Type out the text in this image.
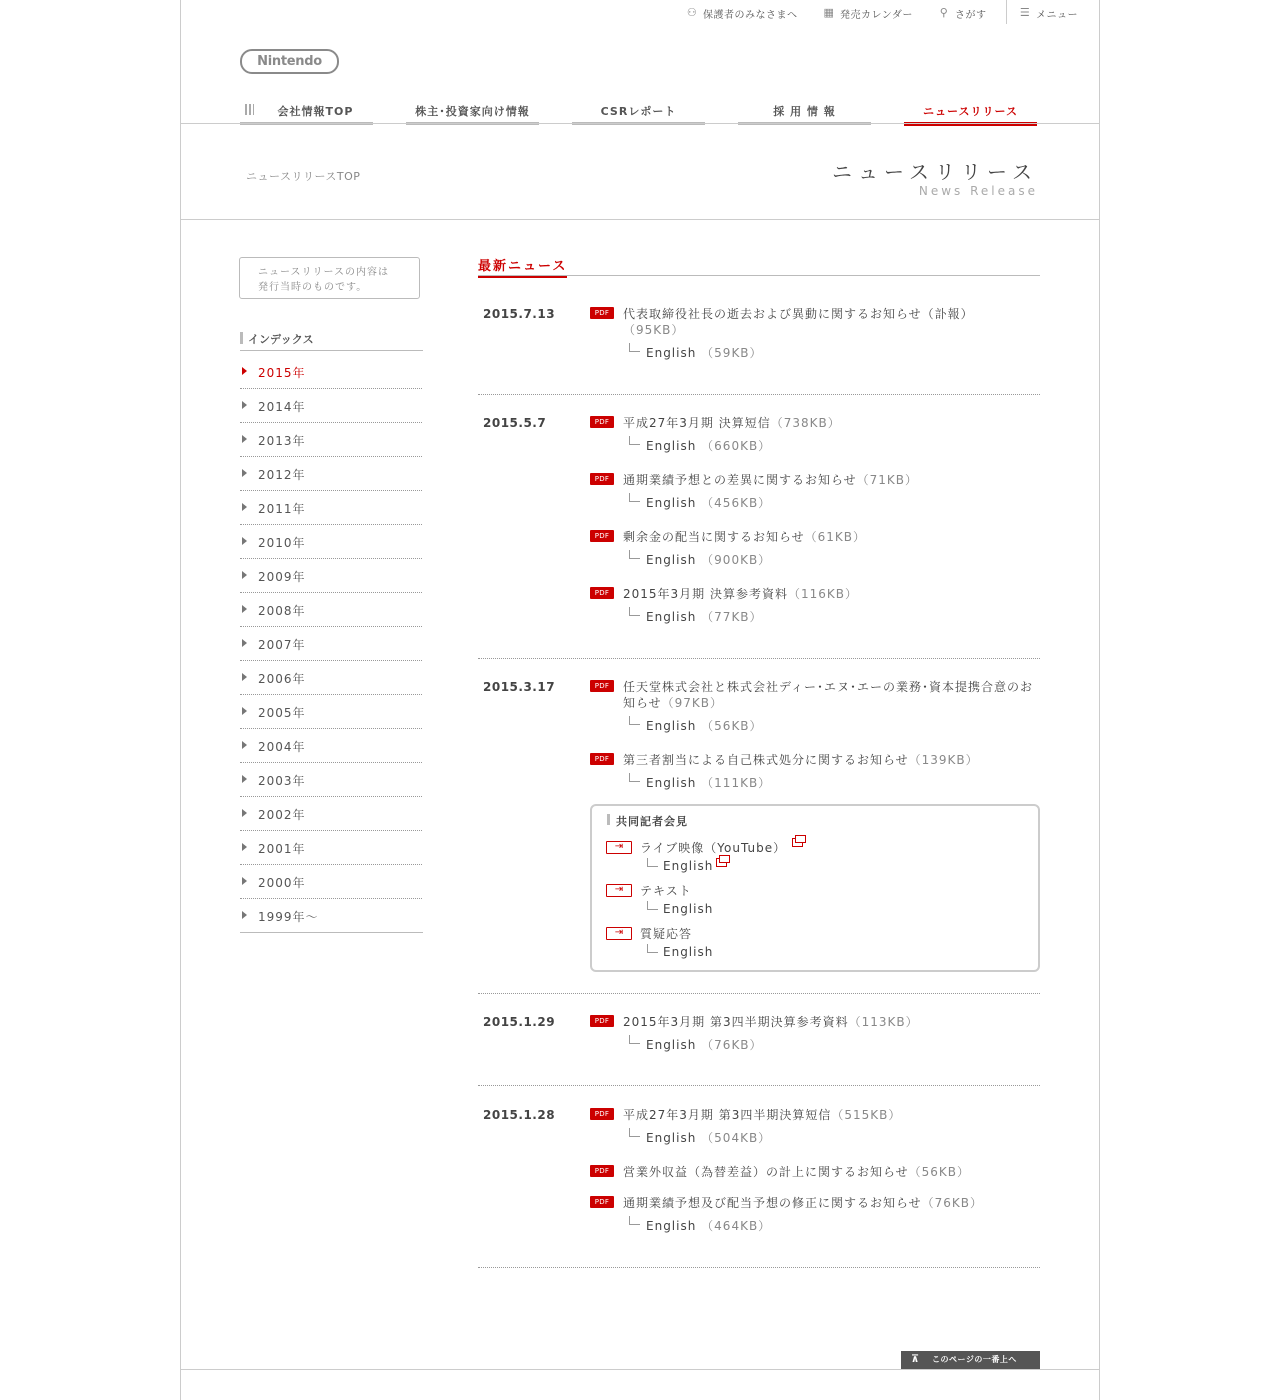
⚇ 保護者のみなさまへ ▦ 発売カレンダー ⚲ さがす	☰ メニュー
Nintendo
会社情報TOP	株主･投資家向け情報	CSRレポート	採 用 情 報	ニュースリリース
ニュースリリースTOP	ニュースリリース
News Release
ニュースリリースの内容は
発行当時のものです。
インデックス
2015年
2014年
2013年
2012年
2011年
2010年
2009年
2008年
2007年
2006年
2005年
2004年
2003年
2002年
2001年
2000年
1999年～
最新ニュース
2015.7.13	PDF	代表取締役社長の逝去および異動に関するお知らせ（訃報）（95KB）
English （59KB）
2015.5.7	PDF	平成27年3月期 決算短信（738KB）
English （660KB）
PDF	通期業績予想との差異に関するお知らせ（71KB）
English （456KB）
PDF	剰余金の配当に関するお知らせ（61KB）
English （900KB）
PDF	2015年3月期 決算参考資料（116KB）
English （77KB）
2015.3.17	PDF	任天堂株式会社と株式会社ディー･エヌ･エーの業務･資本提携合意のお知らせ（97KB）
English （56KB）
PDF	第三者割当による自己株式処分に関するお知らせ（139KB）
English （111KB）
共同記者会見
⇥	ライブ映像（YouTube）
English
⇥	テキスト
English
⇥	質疑応答
English
2015.1.29	PDF	2015年3月期 第3四半期決算参考資料（113KB）
English （76KB）
2015.1.28	PDF	平成27年3月期 第3四半期決算短信（515KB）
English （504KB）
PDF	営業外収益（為替差益）の計上に関するお知らせ（56KB）
PDF	通期業績予想及び配当予想の修正に関するお知らせ（76KB）
English （464KB）
⊼ このページの一番上へ
